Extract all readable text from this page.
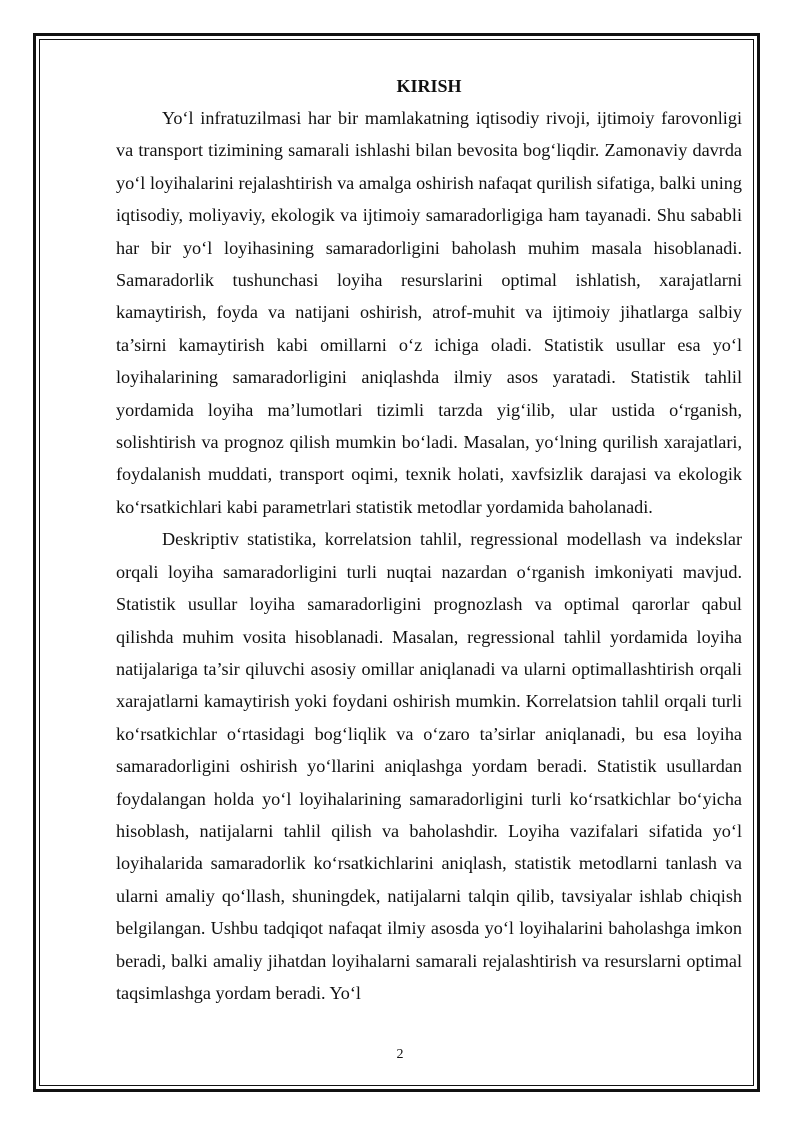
KIRISH

Yo‘l infratuzilmasi har bir mamlakatning iqtisodiy rivoji, ijtimoiy farovonligi va transport tizimining samarali ishlashi bilan bevosita bog‘liqdir. Zamonaviy davrda yo‘l loyihalarini rejalashtirish va amalga oshirish nafaqat qurilish sifatiga, balki uning iqtisodiy, moliyaviy, ekologik va ijtimoiy samaradorligiga ham tayanadi. Shu sababli har bir yo‘l loyihasining samaradorligini baholash muhim masala hisoblanadi. Samaradorlik tushunchasi loyiha resurslarini optimal ishlatish, xarajatlarni kamaytirish, foyda va natijani oshirish, atrof-muhit va ijtimoiy jihatlarga salbiy ta’sirni kamaytirish kabi omillarni o‘z ichiga oladi. Statistik usullar esa yo‘l loyihalarining samaradorligini aniqlashda ilmiy asos yaratadi. Statistik tahlil yordamida loyiha ma’lumotlari tizimli tarzda yig‘ilib, ular ustida o‘rganish, solishtirish va prognoz qilish mumkin bo‘ladi. Masalan, yo‘lning qurilish xarajatlari, foydalanish muddati, transport oqimi, texnik holati, xavfsizlik darajasi va ekologik ko‘rsatkichlari kabi parametrlari statistik metodlar yordamida baholanadi.

Deskriptiv statistika, korrelatsion tahlil, regressional modellash va indekslar orqali loyiha samaradorligini turli nuqtai nazardan o‘rganish imkoniyati mavjud. Statistik usullar loyiha samaradorligini prognozlash va optimal qarorlar qabul qilishda muhim vosita hisoblanadi. Masalan, regressional tahlil yordamida loyiha natijalariga ta’sir qiluvchi asosiy omillar aniqlanadi va ularni optimallashtirish orqali xarajatlarni kamaytirish yoki foydani oshirish mumkin. Korrelatsion tahlil orqali turli ko‘rsatkichlar o‘rtasidagi bog‘liqlik va o‘zaro ta’sirlar aniqlanadi, bu esa loyiha samaradorligini oshirish yo‘llarini aniqlashga yordam beradi. Statistik usullardan foydalangan holda yo‘l loyihalarining samaradorligini turli ko‘rsatkichlar bo‘yicha hisoblash, natijalarni tahlil qilish va baholashdir. Loyiha vazifalari sifatida yo‘l loyihalarida samaradorlik ko‘rsatkichlarini aniqlash, statistik metodlarni tanlash va ularni amaliy qo‘llash, shuningdek, natijalarni talqin qilib, tavsiyalar ishlab chiqish belgilangan. Ushbu tadqiqot nafaqat ilmiy asosda yo‘l loyihalarini baholashga imkon beradi, balki amaliy jihatdan loyihalarni samarali rejalashtirish va resurslarni optimal taqsimlashga yordam beradi. Yo‘l

2
